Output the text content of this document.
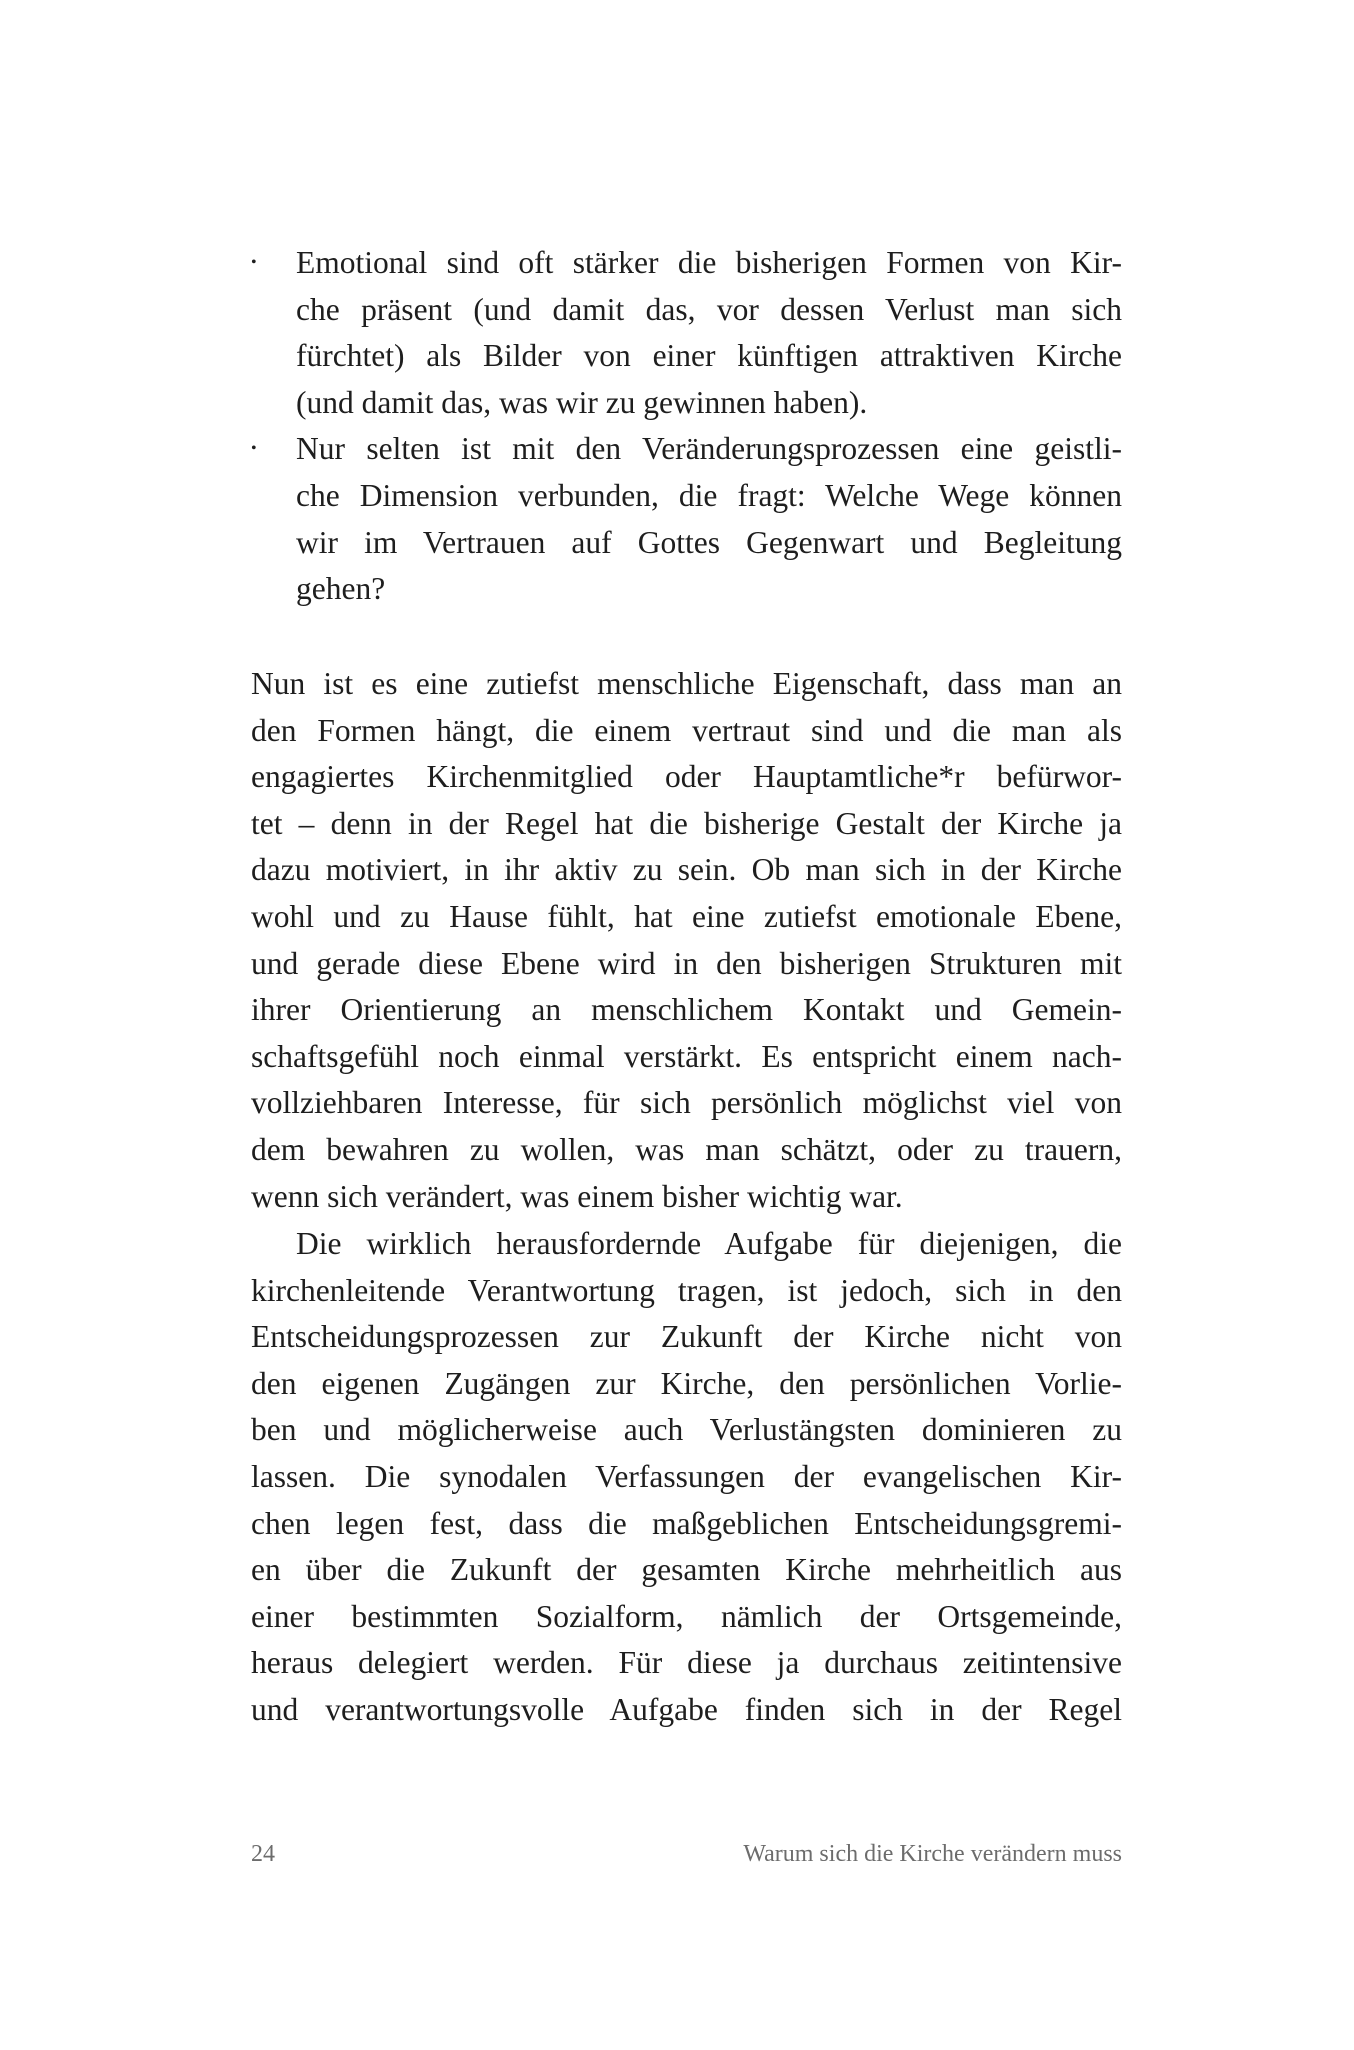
•	Emotional sind oft stärker die bisherigen Formen von Kir-
che präsent (und damit das, vor dessen Verlust man sich
fürchtet) als Bilder von einer künftigen attraktiven Kirche
(und damit das, was wir zu gewinnen haben).
•	Nur selten ist mit den Veränderungsprozessen eine geistli-
che Dimension verbunden, die fragt: Welche Wege können
wir im Vertrauen auf Gottes Gegenwart und Begleitung
gehen?
Nun ist es eine zutiefst menschliche Eigenschaft, dass man an
den Formen hängt, die einem vertraut sind und die man als
engagiertes Kirchenmitglied oder Hauptamtliche*r befürwor-
tet – denn in der Regel hat die bisherige Gestalt der Kirche ja
dazu motiviert, in ihr aktiv zu sein. Ob man sich in der Kirche
wohl und zu Hause fühlt, hat eine zutiefst emotionale Ebene,
und gerade diese Ebene wird in den bisherigen Strukturen mit
ihrer Orientierung an menschlichem Kontakt und Gemein-
schaftsgefühl noch einmal verstärkt. Es entspricht einem nach-
vollziehbaren Interesse, für sich persönlich möglichst viel von
dem bewahren zu wollen, was man schätzt, oder zu trauern,
wenn sich verändert, was einem bisher wichtig war.
Die wirklich herausfordernde Aufgabe für diejenigen, die
kirchenleitende Verantwortung tragen, ist jedoch, sich in den
Entscheidungsprozessen zur Zukunft der Kirche nicht von
den eigenen Zugängen zur Kirche, den persönlichen Vorlie-
ben und möglicherweise auch Verlustängsten dominieren zu
lassen. Die synodalen Verfassungen der evangelischen Kir-
chen legen fest, dass die maßgeblichen Entscheidungsgremi-
en über die Zukunft der gesamten Kirche mehrheitlich aus
einer bestimmten Sozialform, nämlich der Ortsgemeinde,
heraus delegiert werden. Für diese ja durchaus zeitintensive
und verantwortungsvolle Aufgabe finden sich in der Regel
24	Warum sich die Kirche verändern muss
